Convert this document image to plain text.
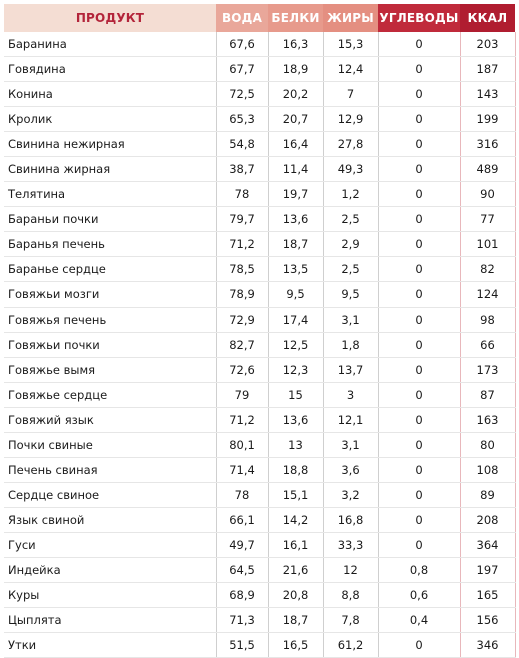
ПРОДУКТ	ВОДА	БЕЛКИ	ЖИРЫ	УГЛЕВОДЫ	ККАЛ
Баранина	67,6	16,3	15,3	0	203
Говядина	67,7	18,9	12,4	0	187
Конина	72,5	20,2	7	0	143
Кролик	65,3	20,7	12,9	0	199
Свинина нежирная	54,8	16,4	27,8	0	316
Свинина жирная	38,7	11,4	49,3	0	489
Телятина	78	19,7	1,2	0	90
Бараньи почки	79,7	13,6	2,5	0	77
Баранья печень	71,2	18,7	2,9	0	101
Баранье сердце	78,5	13,5	2,5	0	82
Говяжьи мозги	78,9	9,5	9,5	0	124
Говяжья печень	72,9	17,4	3,1	0	98
Говяжьи почки	82,7	12,5	1,8	0	66
Говяжье вымя	72,6	12,3	13,7	0	173
Говяжье сердце	79	15	3	0	87
Говяжий язык	71,2	13,6	12,1	0	163
Почки свиные	80,1	13	3,1	0	80
Печень свиная	71,4	18,8	3,6	0	108
Сердце свиное	78	15,1	3,2	0	89
Язык свиной	66,1	14,2	16,8	0	208
Гуси	49,7	16,1	33,3	0	364
Индейка	64,5	21,6	12	0,8	197
Куры	68,9	20,8	8,8	0,6	165
Цыплята	71,3	18,7	7,8	0,4	156
Утки	51,5	16,5	61,2	0	346
